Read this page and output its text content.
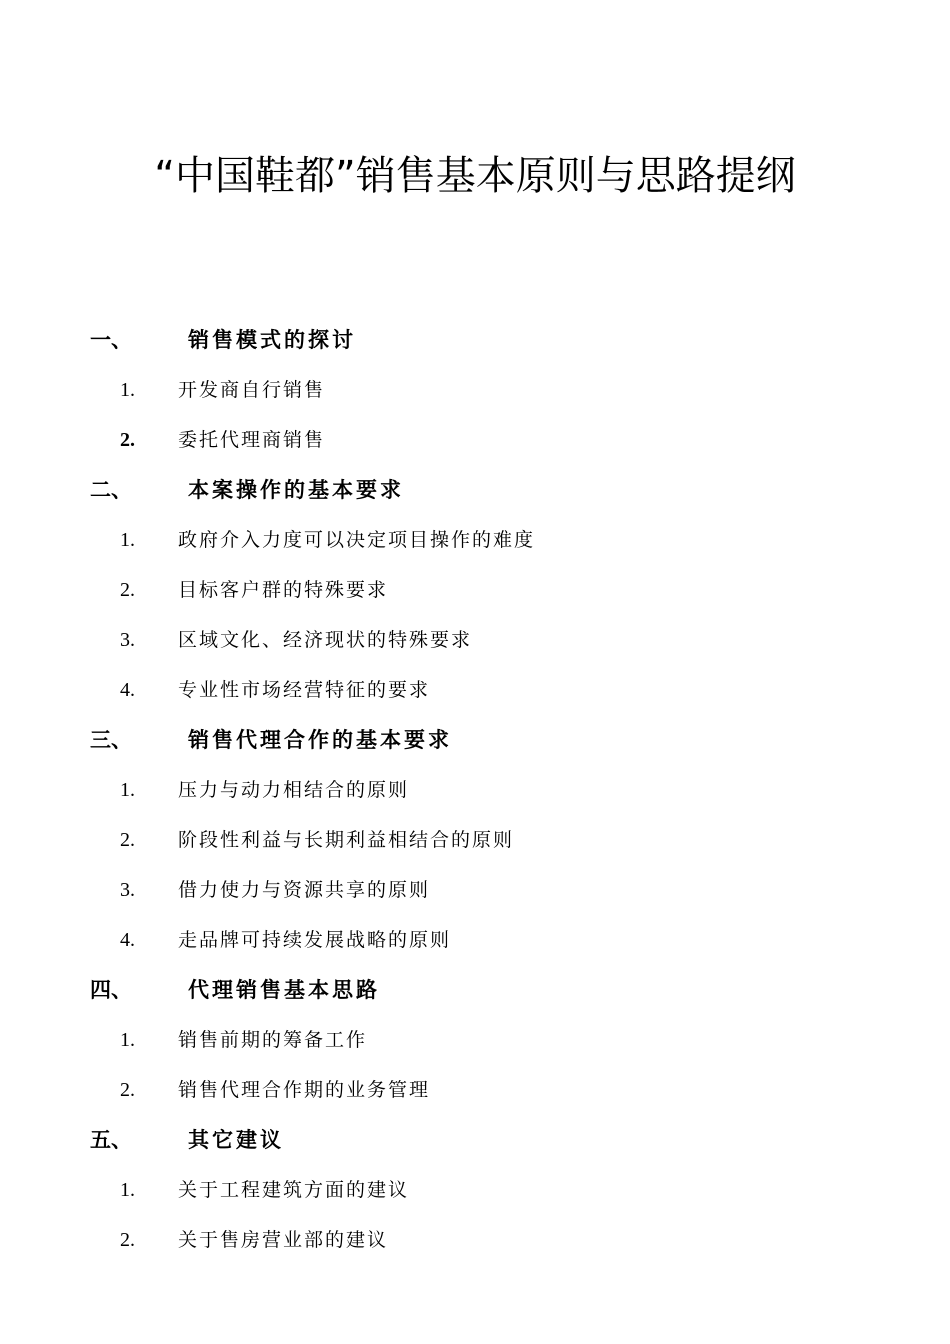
“中国鞋都”销售基本原则与思路提纲
一、	销售模式的探讨
1. 开发商自行销售
2. 委托代理商销售
二、	本案操作的基本要求
1. 政府介入力度可以决定项目操作的难度
2. 目标客户群的特殊要求
3. 区域文化、经济现状的特殊要求
4. 专业性市场经营特征的要求
三、	销售代理合作的基本要求
1. 压力与动力相结合的原则
2. 阶段性利益与长期利益相结合的原则
3. 借力使力与资源共享的原则
4. 走品牌可持续发展战略的原则
四、	代理销售基本思路
1. 销售前期的筹备工作
2. 销售代理合作期的业务管理
五、	其它建议
1. 关于工程建筑方面的建议
2. 关于售房营业部的建议
